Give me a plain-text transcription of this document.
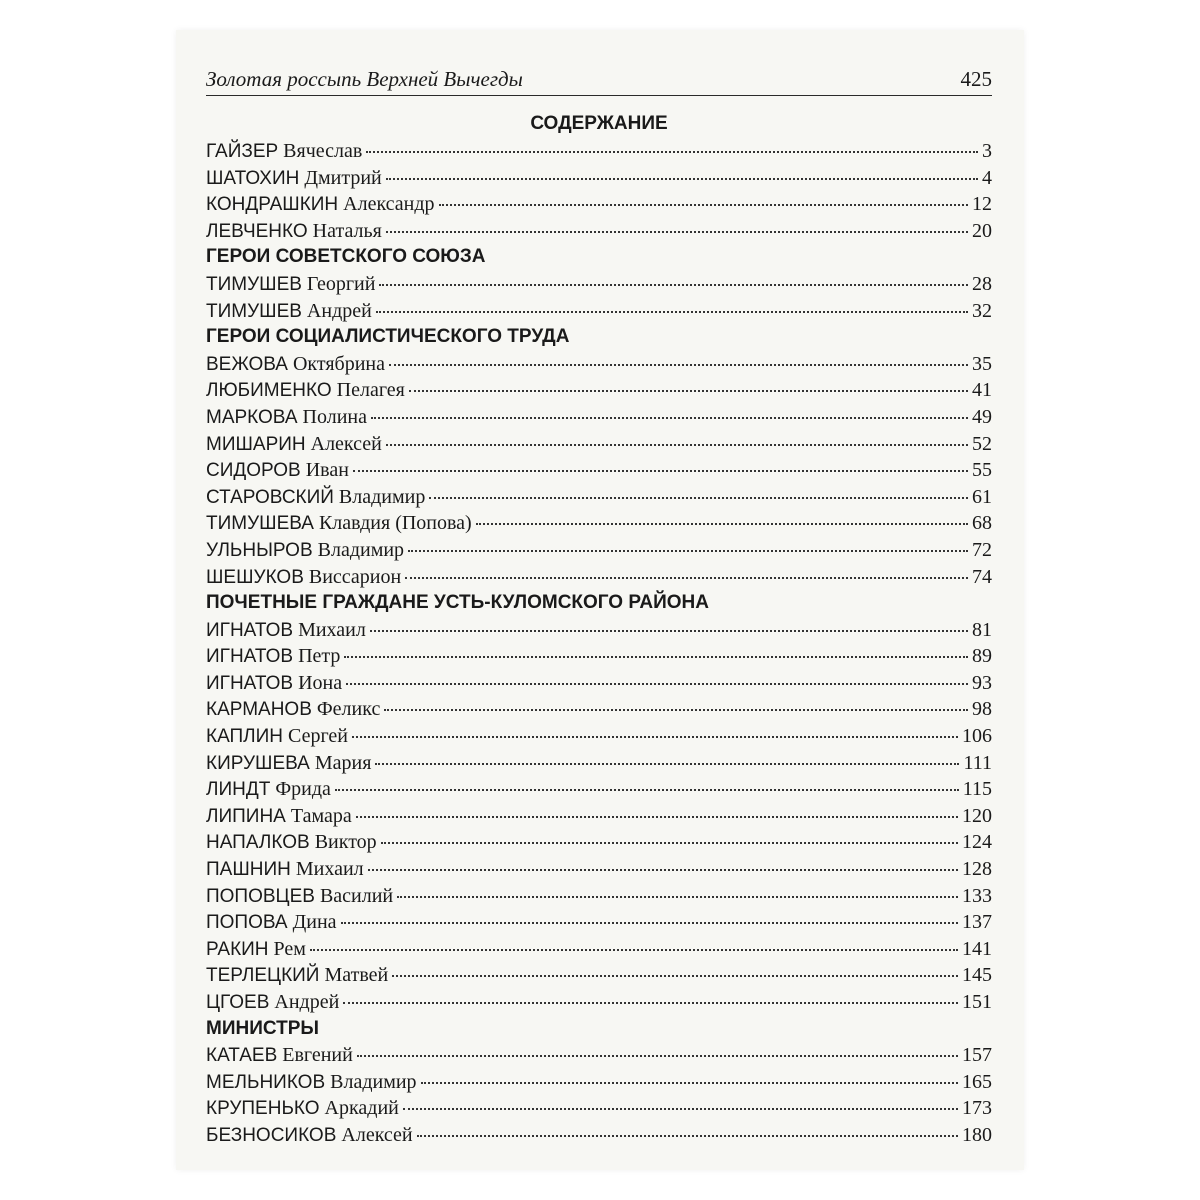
Золотая россыпь Верхней Вычегды	425
СОДЕРЖАНИЕ
ГАЙЗЕР Вячеслав	3
ШАТОХИН Дмитрий	4
КОНДРАШКИН Александр	12
ЛЕВЧЕНКО Наталья	20
ГЕРОИ СОВЕТСКОГО СОЮЗА
ТИМУШЕВ Георгий	28
ТИМУШЕВ Андрей	32
ГЕРОИ СОЦИАЛИСТИЧЕСКОГО ТРУДА
ВЕЖОВА Октябрина	35
ЛЮБИМЕНКО Пелагея	41
МАРКОВА Полина	49
МИШАРИН Алексей	52
СИДОРОВ Иван	55
СТАРОВСКИЙ Владимир	61
ТИМУШЕВА Клавдия (Попова)	68
УЛЬНЫРОВ Владимир	72
ШЕШУКОВ Виссарион	74
ПОЧЕТНЫЕ ГРАЖДАНЕ УСТЬ-КУЛОМСКОГО РАЙОНА
ИГНАТОВ Михаил	81
ИГНАТОВ Петр	89
ИГНАТОВ Иона	93
КАРМАНОВ Феликс	98
КАПЛИН Сергей	106
КИРУШЕВА Мария	111
ЛИНДТ Фрида	115
ЛИПИНА Тамара	120
НАПАЛКОВ Виктор	124
ПАШНИН Михаил	128
ПОПОВЦЕВ Василий	133
ПОПОВА Дина	137
РАКИН Рем	141
ТЕРЛЕЦКИЙ Матвей	145
ЦГОЕВ Андрей	151
МИНИСТРЫ
КАТАЕВ Евгений	157
МЕЛЬНИКОВ Владимир	165
КРУПЕНЬКО Аркадий	173
БЕЗНОСИКОВ Алексей	180
